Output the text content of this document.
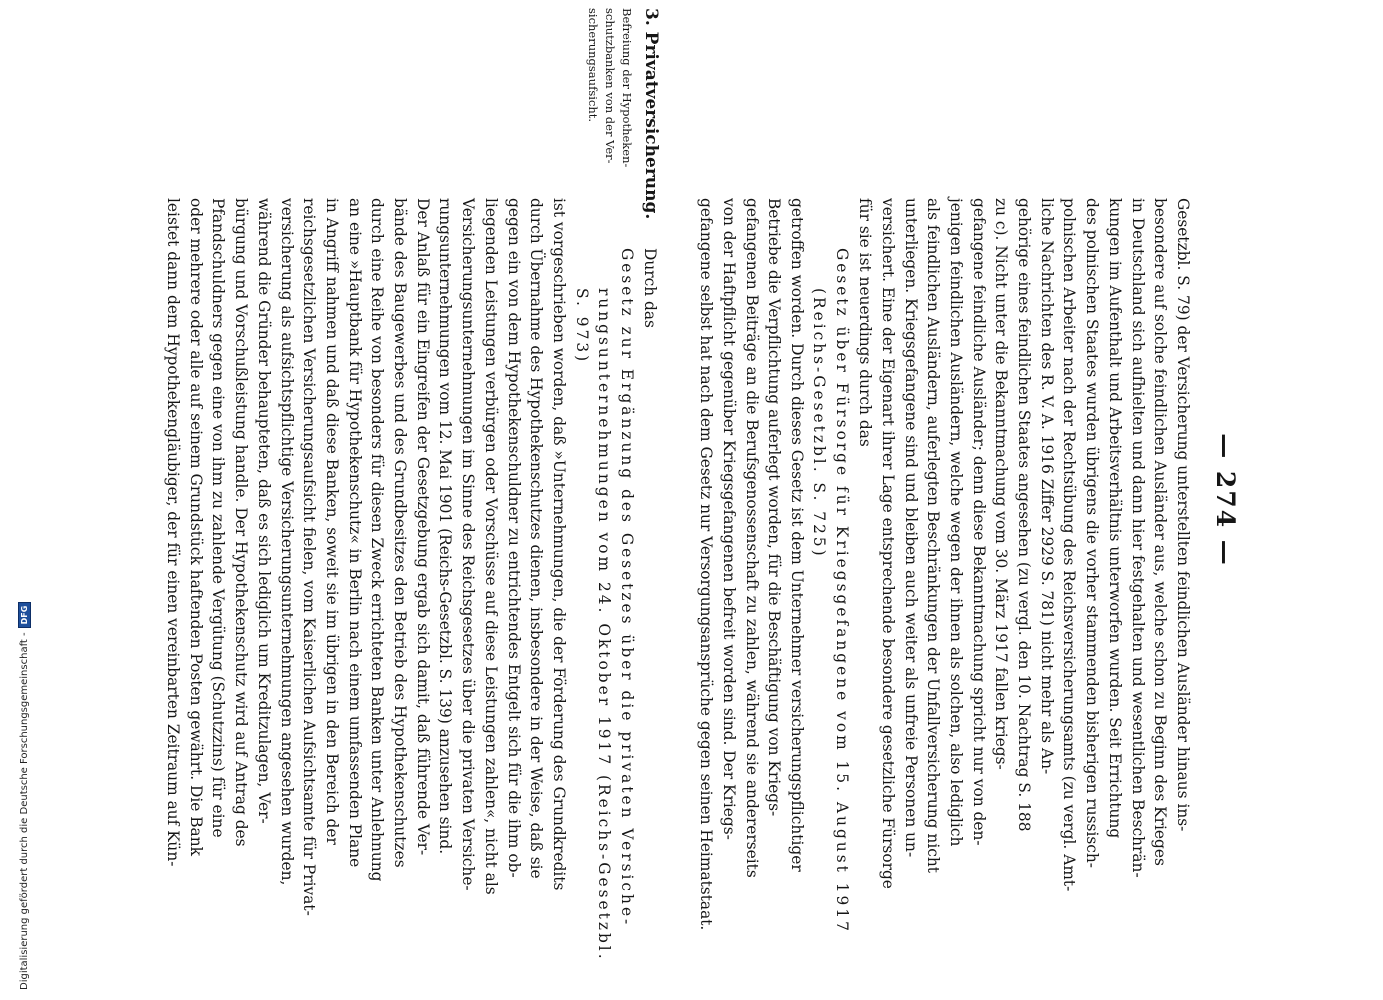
Digitalisierung gefördert durch die Deutsche Forschungsgemeinschaft -DFG
— 274 —
Gesetzbl. S. 79) der Versicherung unterstellten feindlichen Ausländer hinaus ins-
besondere auf solche feindlichen Ausländer aus, welche schon zu Beginn des Krieges
in Deutschland sich aufhielten und dann hier festgehalten und wesentlichen Beschrän-
kungen im Aufenthalt und Arbeitsverhältnis unterworfen wurden. Seit Errichtung
des polnischen Staates wurden übrigens die vorher stammenden bisherigen russisch-
polnischen Arbeiter nach der Rechtsübung des Reichsversicherungsamts (zu vergl. Amt-
liche Nachrichten des R. V. A. 1916 Ziffer 2929 S. 781) nicht mehr als An-
gehörige eines feindlichen Staates angesehen (zu vergl. den 10. Nachtrag S. 188
zu c). Nicht unter die Bekanntmachung vom 30. März 1917 fallen kriegs-
gefangene feindliche Ausländer; denn diese Bekanntmachung spricht nur von den-
jenigen feindlichen Ausländern, welche wegen der ihnen als solchen, also lediglich
als feindlichen Ausländern, auferlegten Beschränkungen der Unfallversicherung nicht
unterliegen. Kriegsgefangene sind und bleiben auch weiter als unfreie Personen un-
versichert. Eine der Eigenart ihrer Lage entsprechende besondere gesetzliche Fürsorge
für sie ist neuerdings durch das
Gesetz über Fürsorge für Kriegsgefangene vom 15. August 1917
(Reichs-Gesetzbl. S. 725)
getroffen worden. Durch dieses Gesetz ist dem Unternehmer versicherungspflichtiger
Betriebe die Verpflichtung auferlegt worden, für die Beschäftigung von Kriegs-
gefangenen Beiträge an die Berufsgenossenschaft zu zahlen, während sie andererseits
von der Haftpflicht gegenüber Kriegsgefangenen befreit worden sind. Der Kriegs-
gefangene selbst hat nach dem Gesetz nur Versorgungsansprüche gegen seinen Heimatstaat.
3. Privatversicherung.
Befreiung der Hypotheken-
schutzbanken von der Ver-
sicherungsaufsicht.
Durch das
Gesetz zur Ergänzung des Gesetzes über die privaten Versiche-
rungsunternehmungen vom 24. Oktober 1917 (Reichs-Gesetzbl.
S. 973)
ist vorgeschrieben worden, daß »Unternehmungen, die der Förderung des Grundkredits
durch Übernahme des Hypothekenschutzes dienen, insbesondere in der Weise, daß sie
gegen ein von dem Hypothekenschuldner zu entrichtendes Entgelt sich für die ihm ob-
liegenden Leistungen verbürgen oder Vorschüsse auf diese Leistungen zahlen«, nicht als
Versicherungsunternehmungen im Sinne des Reichsgesetzes über die privaten Versiche-
rungsunternehmungen vom 12. Mai 1901 (Reichs-Gesetzbl. S. 139) anzusehen sind.
Der Anlaß für ein Eingreifen der Gesetzgebung ergab sich damit, daß führende Ver-
bände des Baugewerbes und des Grundbesitzes den Betrieb des Hypothekenschutzes
durch eine Reihe von besonders für diesen Zweck errichteten Banken unter Anlehnung
an eine »Hauptbank für Hypothekenschutz« in Berlin nach einem umfassenden Plane
in Angriff nahmen und daß diese Banken, soweit sie im übrigen in den Bereich der
reichsgesetzlichen Versicherungsaufsicht fielen, vom Kaiserlichen Aufsichtsamte für Privat-
versicherung als aufsichtspflichtige Versicherungsunternehmungen angesehen wurden,
während die Gründer behaupteten, daß es sich lediglich um Kreditzulagen, Ver-
bürgung und Vorschußleistung handle. Der Hypothekenschutz wird auf Antrag des
Pfandschuldners gegen eine von ihm zu zahlende Vergütung (Schutzzins) für eine
oder mehrere oder alle auf seinem Grundstück haftenden Posten gewährt. Die Bank
leistet dann dem Hypothekengläubiger, der für einen vereinbarten Zeitraum auf Kün-
